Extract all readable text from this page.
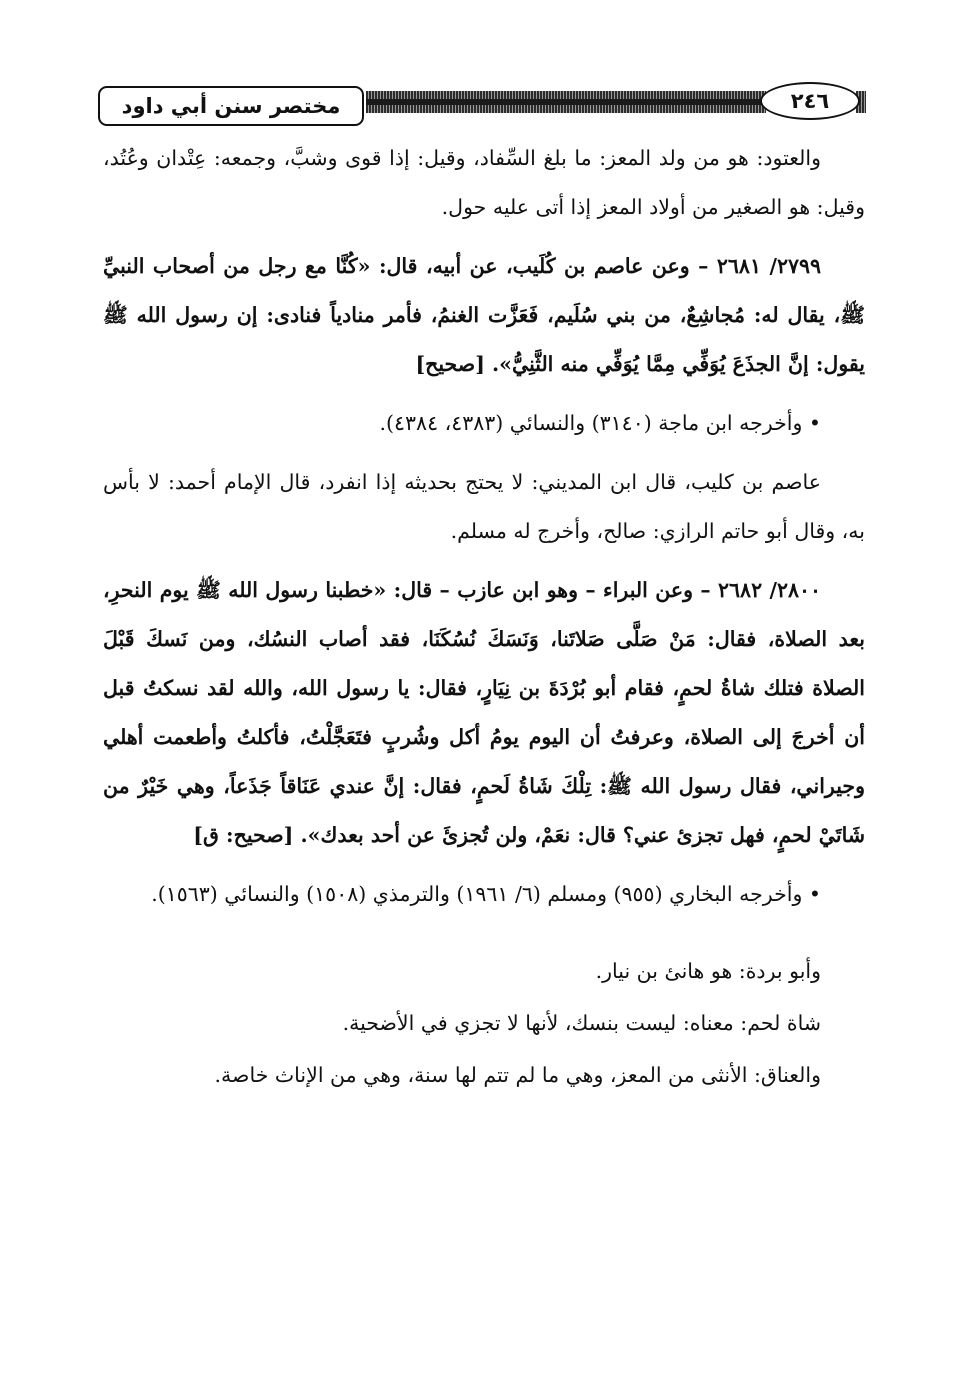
مختصر سنن أبي داود	٢٤٦

والعتود: هو من ولد المعز: ما بلغ السِّفاد، وقيل: إذا قوى وشبَّ، وجمعه: عِتْدان وعُتُد، وقيل: هو الصغير من أولاد المعز إذا أتى عليه حول.

٢٧٩٩/ ٢٦٨١ – وعن عاصم بن كُلَيب، عن أبيه، قال: «كُنَّا مع رجل من أصحاب النبيِّ ﷺ، يقال له: مُجاشِعٌ، من بني سُلَيم، فَعَزَّت الغنمُ، فأمر منادياً فنادى: إن رسول الله ﷺ يقول: إنَّ الجذَعَ يُوَفِّي مِمَّا يُوَفِّي منه الثَّنِيُّ». [صحيح]

• وأخرجه ابن ماجة (٣١٤٠) والنسائي (٤٣٨٣، ٤٣٨٤).

عاصم بن كليب، قال ابن المديني: لا يحتج بحديثه إذا انفرد، قال الإمام أحمد: لا بأس به، وقال أبو حاتم الرازي: صالح، وأخرج له مسلم.

٢٨٠٠/ ٢٦٨٢ – وعن البراء – وهو ابن عازب – قال: «خطبنا رسول الله ﷺ يوم النحرِ، بعد الصلاة، فقال: مَنْ صَلَّى صَلاتَنا، وَنَسَكَ نُسُكَنَا، فقد أصاب النسُك، ومن نَسكَ قَبْلَ الصلاة فتلك شاةُ لحمٍ، فقام أبو بُرْدَةَ بن نِيَارٍ، فقال: يا رسول الله، والله لقد نسكتُ قبل أن أخرجَ إلى الصلاة، وعرفتُ أن اليوم يومُ أكل وشُربٍ فتَعَجَّلْتُ، فأكلتُ وأطعمت أهلي وجيراني، فقال رسول الله ﷺ: تِلْكَ شَاةُ لَحمٍ، فقال: إنَّ عندي عَنَاقاً جَذَعاً، وهي خَيْرٌ من شَاتَيْ لحمٍ، فهل تجزئ عني؟ قال: نعَمْ، ولن تُجزئَ عن أحد بعدك». [صحيح: ق]

• وأخرجه البخاري (٩٥٥) ومسلم (٦/ ١٩٦١) والترمذي (١٥٠٨) والنسائي (١٥٦٣).

وأبو بردة: هو هانئ بن نيار.

شاة لحم: معناه: ليست بنسك، لأنها لا تجزي في الأضحية.

والعناق: الأنثى من المعز، وهي ما لم تتم لها سنة، وهي من الإناث خاصة.
